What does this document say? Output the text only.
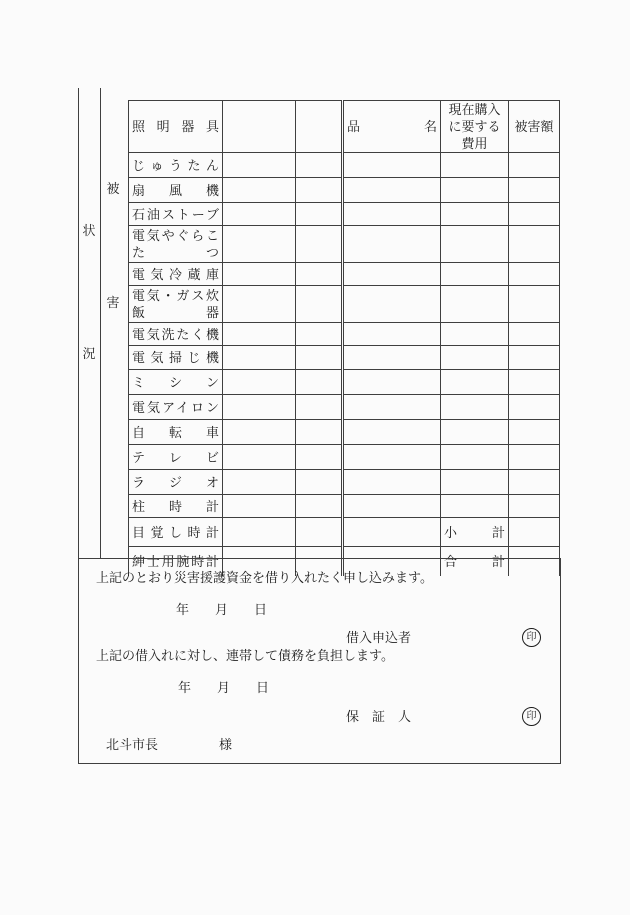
状
況
被
害
照明器具			品名	現在購入に要する費用	被害額
じゅうたん					
扇風機					
石油ストーブ					
電気やぐらこたつ					
電気冷蔵庫					
電気・ガス炊飯器					
電気洗たく機					
電気掃じ機					
ミシン					
電気アイロン					
自転車					
テレビ					
ラジオ					
柱時計					
目覚し時計				小計	
紳士用腕時計				合計	
上記のとおり災害援護資金を借り入れたく申し込みます。
年　　月　　日
借入申込者	印
上記の借入れに対し、連帯して債務を負担します。
年　　月　　日
保　証　人	印
北斗市長	様
